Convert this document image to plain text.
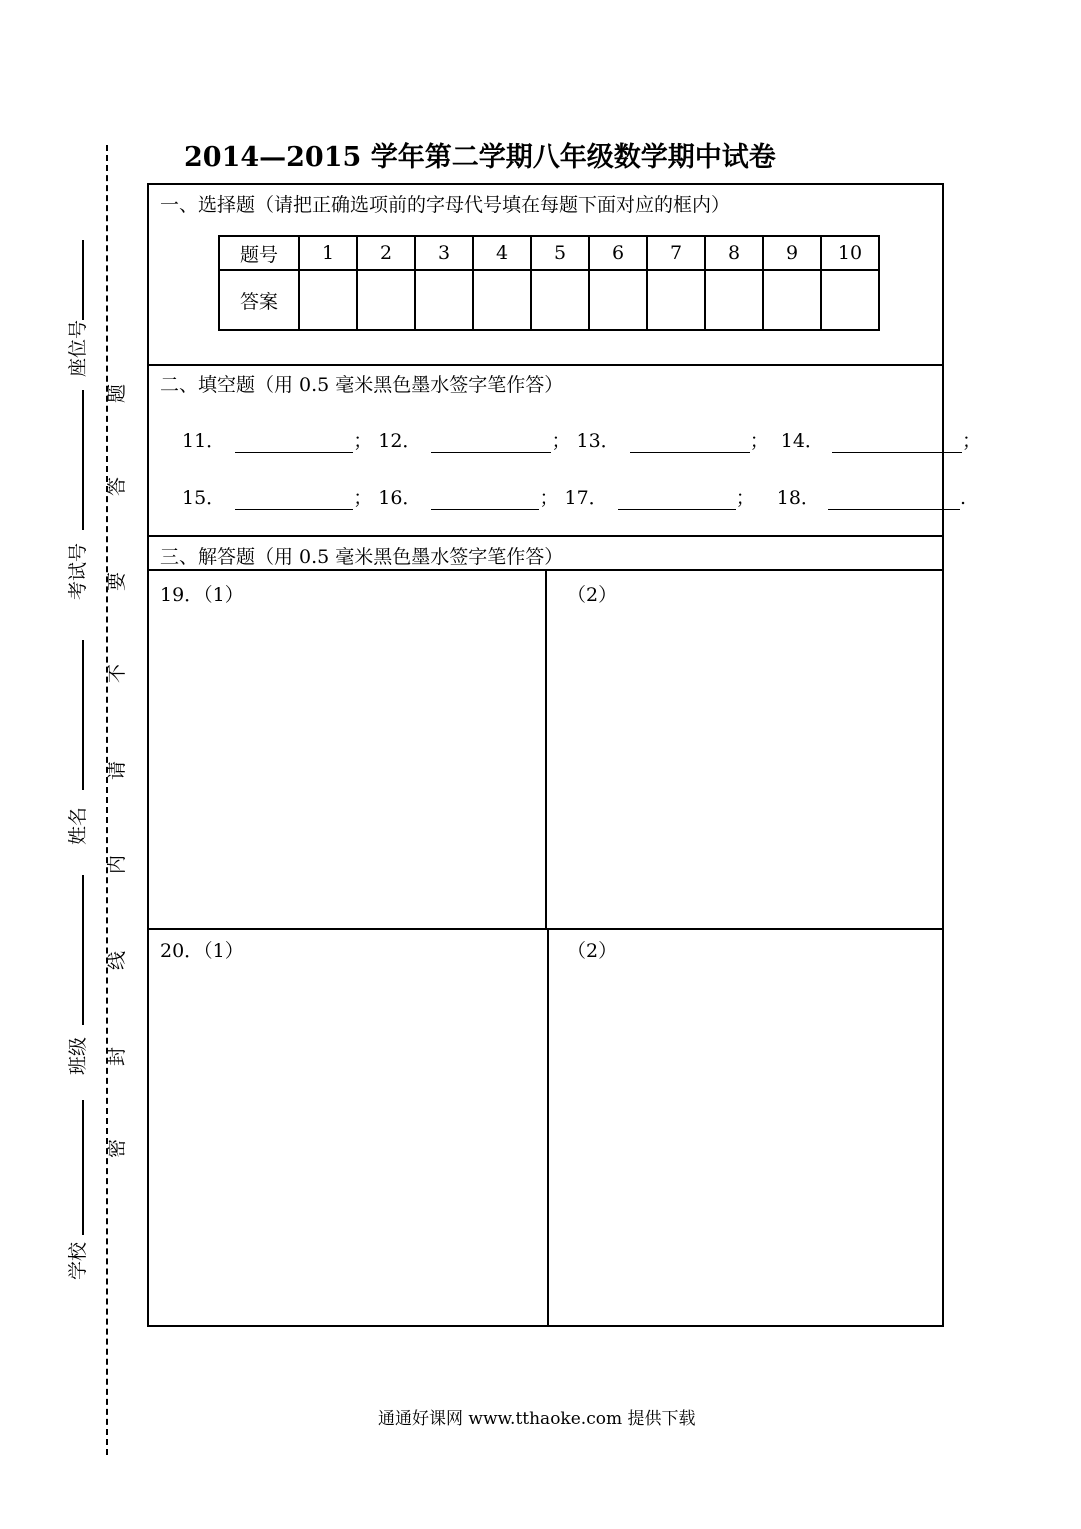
座位号
考试号
姓名
班级
学校
题
答
要
不
请
内
线
封
密
2014—2015 学年第二学期八年级数学期中试卷
一、选择题（请把正确选项前的字母代号填在每题下面对应的框内）
题号	1	2	3	4	5	6	7	8	9	10
答案										
二、填空题（用 0.5 毫米黑色墨水签字笔作答）
11．	； 12．	； 13．	； 14．	；
15．	； 16．	； 17．	； 18．	.
三、解答题（用 0.5 毫米黑色墨水签字笔作答）
19．（1）	（2）
20．（1）	（2）
通通好课网 www.tthaoke.com 提供下载
